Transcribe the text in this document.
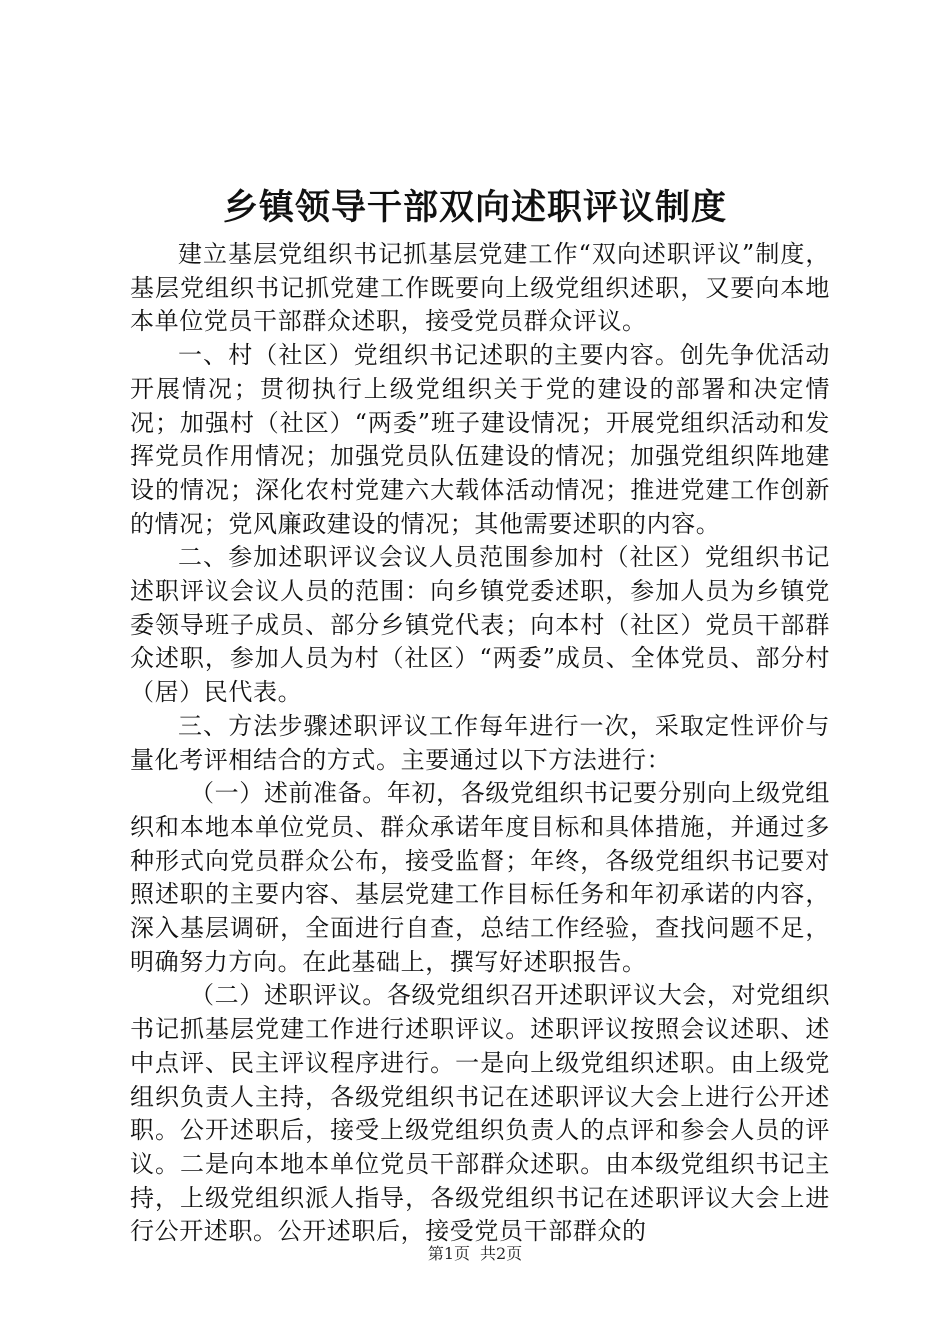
乡镇领导干部双向述职评议制度

建立基层党组织书记抓基层党建工作“双向述职评议”制度，基层党组织书记抓党建工作既要向上级党组织述职，又要向本地本单位党员干部群众述职，接受党员群众评议。

一、村（社区）党组织书记述职的主要内容。创先争优活动开展情况；贯彻执行上级党组织关于党的建设的部署和决定情况；加强村（社区）“两委”班子建设情况；开展党组织活动和发挥党员作用情况；加强党员队伍建设的情况；加强党组织阵地建设的情况；深化农村党建六大载体活动情况；推进党建工作创新的情况；党风廉政建设的情况；其他需要述职的内容。

二、参加述职评议会议人员范围参加村（社区）党组织书记述职评议会议人员的范围：向乡镇党委述职，参加人员为乡镇党委领导班子成员、部分乡镇党代表；向本村（社区）党员干部群众述职，参加人员为村（社区）“两委”成员、全体党员、部分村（居）民代表。

三、方法步骤述职评议工作每年进行一次，采取定性评价与量化考评相结合的方式。主要通过以下方法进行：

（一）述前准备。年初，各级党组织书记要分别向上级党组织和本地本单位党员、群众承诺年度目标和具体措施，并通过多种形式向党员群众公布，接受监督；年终，各级党组织书记要对照述职的主要内容、基层党建工作目标任务和年初承诺的内容，深入基层调研，全面进行自查，总结工作经验，查找问题不足，明确努力方向。在此基础上，撰写好述职报告。

（二）述职评议。各级党组织召开述职评议大会，对党组织书记抓基层党建工作进行述职评议。述职评议按照会议述职、述中点评、民主评议程序进行。一是向上级党组织述职。由上级党组织负责人主持，各级党组织书记在述职评议大会上进行公开述职。公开述职后，接受上级党组织负责人的点评和参会人员的评议。二是向本地本单位党员干部群众述职。由本级党组织书记主持，上级党组织派人指导，各级党组织书记在述职评议大会上进行公开述职。公开述职后，接受党员干部群众的

第1页 共2页
